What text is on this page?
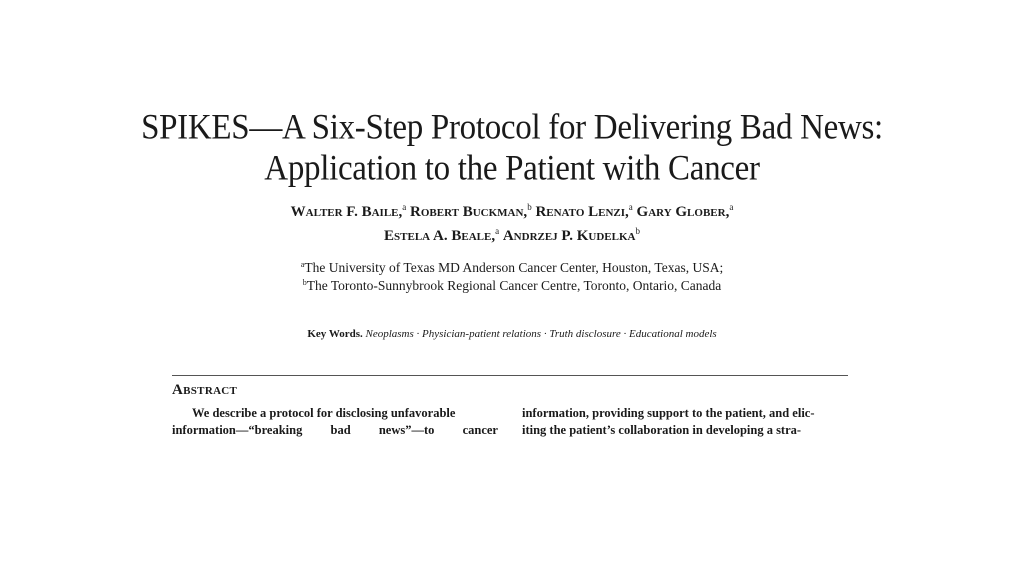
SPIKES—A Six-Step Protocol for Delivering Bad News:
Application to the Patient with Cancer
Walter F. Baile,$^a$ Robert Buckman,$^b$ Renato Lenzi,$^a$ Gary Glober,$^a$
Estela A. Beale,$^a$ Andrzej P. Kudelka$^b$
$^a$The University of Texas MD Anderson Cancer Center, Houston, Texas, USA;
$^b$The Toronto-Sunnybrook Regional Cancer Centre, Toronto, Ontario, Canada
Key Words. Neoplasms · Physician-patient relations · Truth disclosure · Educational models
Abstract
We describe a protocol for disclosing unfavorable
information—“breaking bad news”—to cancer
information, providing support to the patient, and elic-
iting the patient’s collaboration in developing a stra-
